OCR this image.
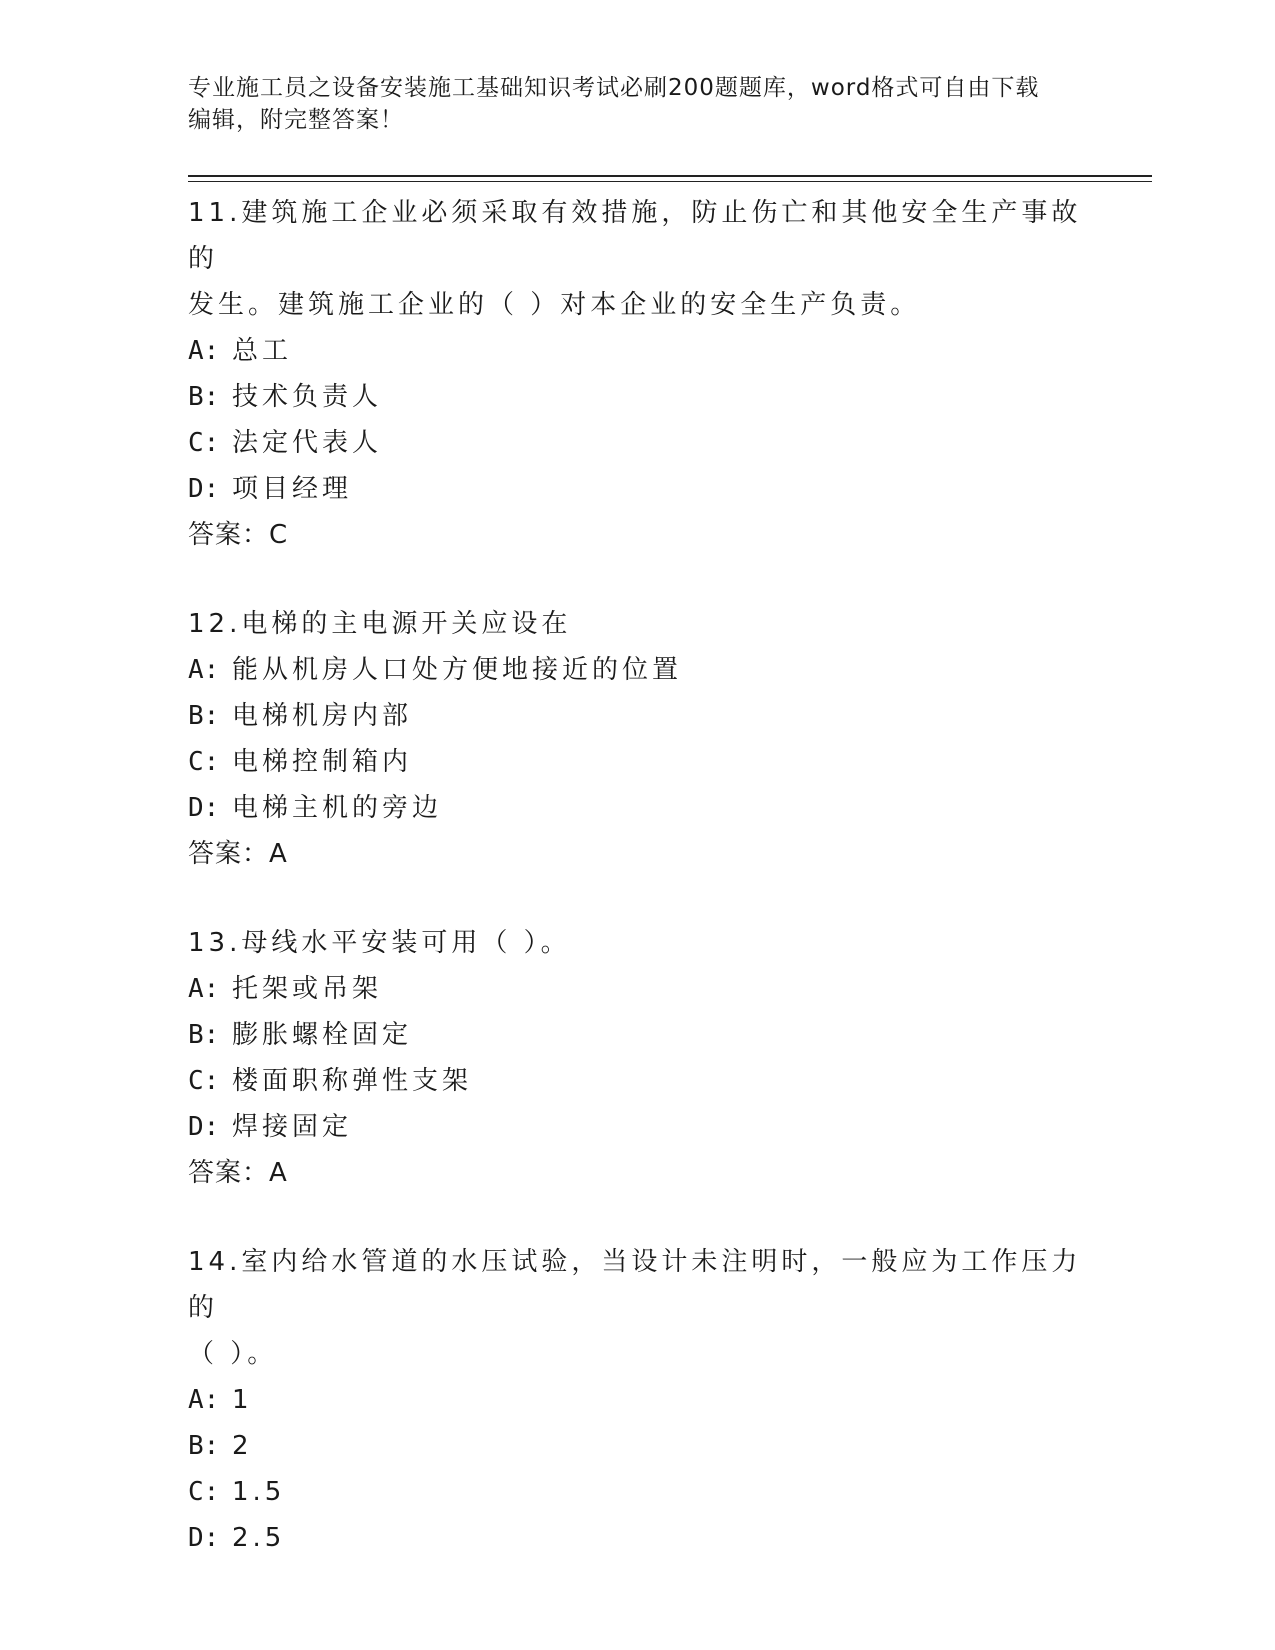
专业施工员之设备安装施工基础知识考试必刷200题题库，word格式可自由下载
编辑，附完整答案！

11.建筑施工企业必须采取有效措施，防止伤亡和其他安全生产事故的
发生。建筑施工企业的（ ）对本企业的安全生产负责。

A: 总工

B: 技术负责人

C: 法定代表人

D: 项目经理

答案：C

12.电梯的主电源开关应设在

A: 能从机房人口处方便地接近的位置

B: 电梯机房内部

C: 电梯控制箱内

D: 电梯主机的旁边

答案：A

13.母线水平安装可用（ ）。

A: 托架或吊架

B: 膨胀螺栓固定

C: 楼面职称弹性支架

D: 焊接固定

答案：A

14.室内给水管道的水压试验，当设计未注明时，一般应为工作压力的
（ ）。

A: 1

B: 2

C: 1.5

D: 2.5
